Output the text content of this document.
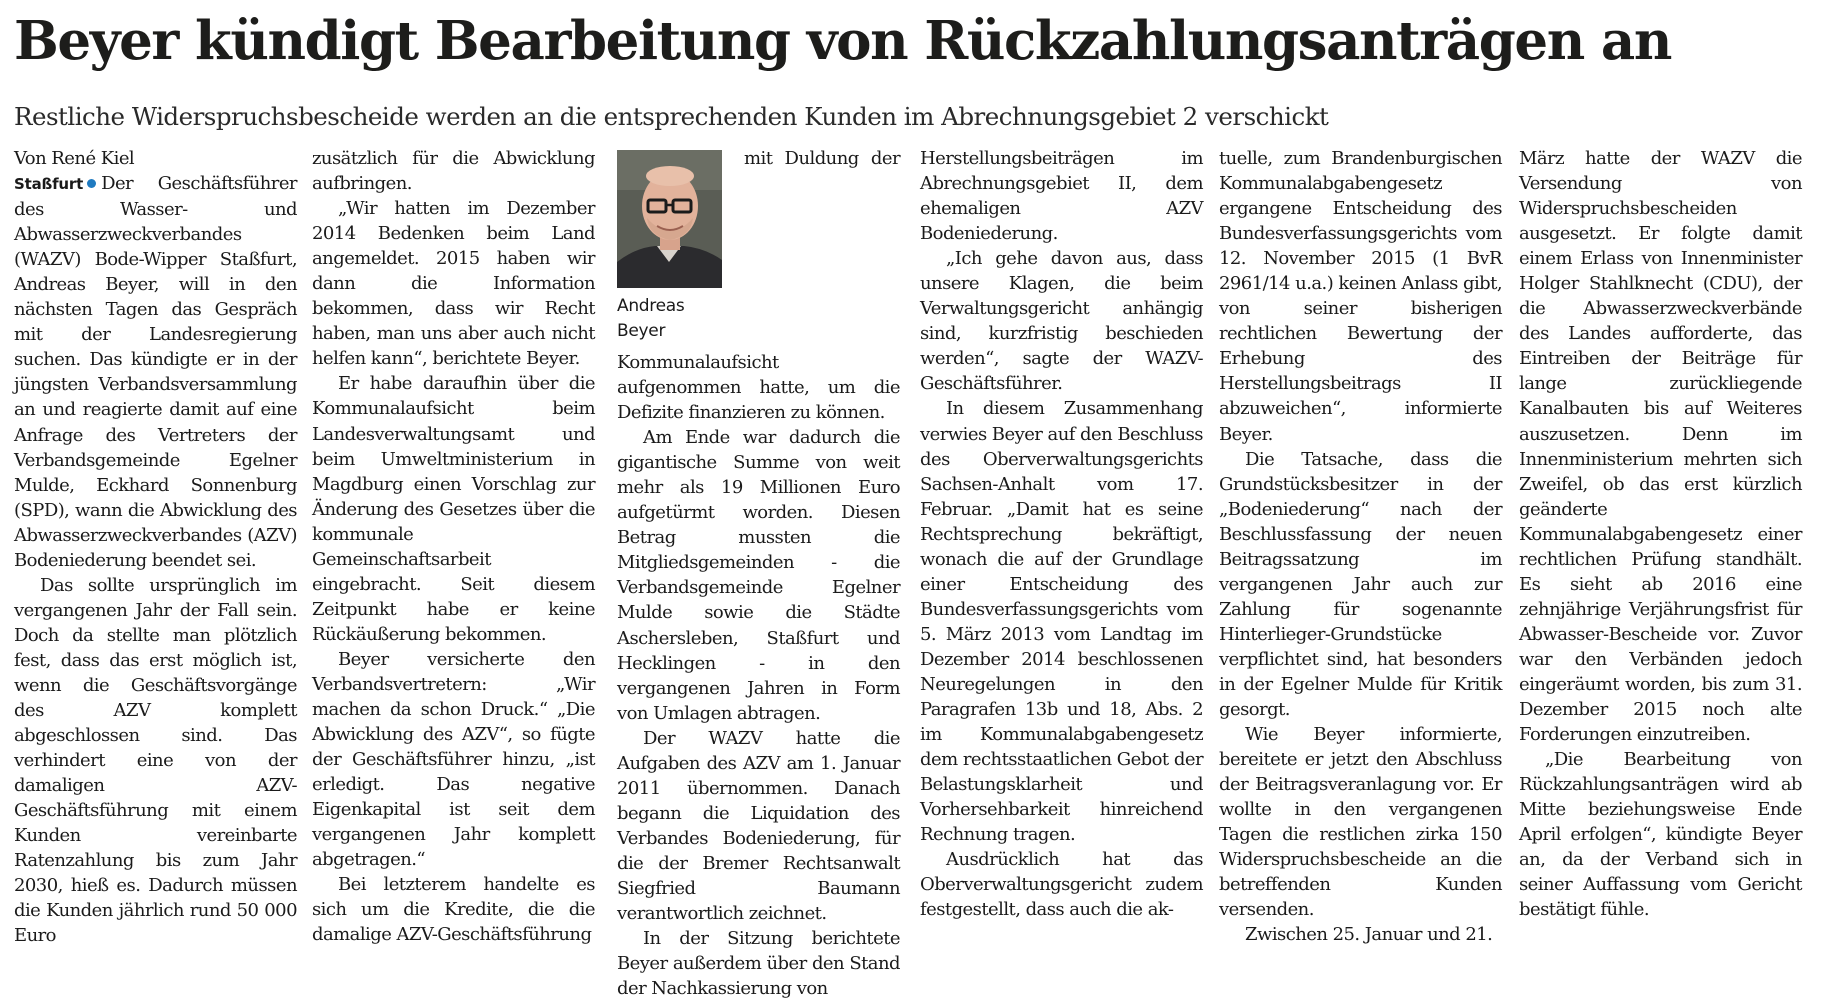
Beyer kündigt Bearbeitung von Rückzahlungsanträgen an
Restliche Widerspruchsbescheide werden an die entsprechenden Kunden im Abrechnungsgebiet 2 verschickt

Von René Kiel

Staßfurt Der Geschäftsführer des Wasser- und Abwasserzweckverbandes (WAZV) Bode-Wipper Staßfurt, Andreas Beyer, will in den nächsten Tagen das Gespräch mit der Landesregierung suchen. Das kündigte er in der jüngsten Verbandsversammlung an und reagierte damit auf eine Anfrage des Vertreters der Verbandsgemeinde Egelner Mulde, Eckhard Sonnenburg (SPD), wann die Abwicklung des Abwasserzweckverbandes (AZV) Bodeniederung beendet sei.

Das sollte ursprünglich im vergangenen Jahr der Fall sein. Doch da stellte man plötzlich fest, dass das erst möglich ist, wenn die Geschäftsvorgänge des AZV komplett abgeschlossen sind. Das verhindert eine von der damaligen AZV-Geschäftsführung mit einem Kunden vereinbarte Ratenzahlung bis zum Jahr 2030, hieß es. Dadurch müssen die Kunden jährlich rund 50 000 Euro

zusätzlich für die Abwicklung aufbringen.

„Wir hatten im Dezember 2014 Bedenken beim Land angemeldet. 2015 haben wir dann die Information bekommen, dass wir Recht haben, man uns aber auch nicht helfen kann“, berichtete Beyer.

Er habe daraufhin über die Kommunalaufsicht beim Landesverwaltungsamt und beim Umweltministerium in Magdburg einen Vorschlag zur Änderung des Gesetzes über die kommunale Gemeinschaftsarbeit eingebracht. Seit diesem Zeitpunkt habe er keine Rückäußerung bekommen.

Beyer versicherte den Verbandsvertretern: „Wir machen da schon Druck.“ „Die Abwicklung des AZV“, so fügte der Geschäftsführer hinzu, „ist erledigt. Das negative Eigenkapital ist seit dem vergangenen Jahr komplett abgetragen.“

Bei letzterem handelte es sich um die Kredite, die die damalige AZV-Geschäftsführung

Andreas
Beyer

mit Duldung der Kommunalaufsicht aufgenommen hatte, um die Defizite finanzieren zu können.

Am Ende war dadurch die gigantische Summe von weit mehr als 19 Millionen Euro aufgetürmt worden. Diesen Betrag mussten die Mitgliedsgemeinden - die Verbandsgemeinde Egelner Mulde sowie die Städte Aschersleben, Staßfurt und Hecklingen - in den vergangenen Jahren in Form von Umlagen abtragen.

Der WAZV hatte die Aufgaben des AZV am 1. Januar 2011 übernommen. Danach begann die Liquidation des Verbandes Bodeniederung, für die der Bremer Rechtsanwalt Siegfried Baumann verantwortlich zeichnet.

In der Sitzung berichtete Beyer außerdem über den Stand der Nachkassierung von

Herstellungsbeiträgen im Abrechnungsgebiet II, dem ehemaligen AZV Bodeniederung.

„Ich gehe davon aus, dass unsere Klagen, die beim Verwaltungsgericht anhängig sind, kurzfristig beschieden werden“, sagte der WAZV-Geschäftsführer.

In diesem Zusammenhang verwies Beyer auf den Beschluss des Oberverwaltungsgerichts Sachsen-Anhalt vom 17. Februar. „Damit hat es seine Rechtsprechung bekräftigt, wonach die auf der Grundlage einer Entscheidung des Bundesverfassungsgerichts vom 5. März 2013 vom Landtag im Dezember 2014 beschlossenen Neuregelungen in den Paragrafen 13b und 18, Abs. 2 im Kommunalabgabengesetz dem rechtsstaatlichen Gebot der Belastungsklarheit und Vorhersehbarkeit hinreichend Rechnung tragen.

Ausdrücklich hat das Oberverwaltungsgericht zudem festgestellt, dass auch die ak-

tuelle, zum Brandenburgischen Kommunalabgabengesetz ergangene Entscheidung des Bundesverfassungsgerichts vom 12. November 2015 (1 BvR 2961/14 u.a.) keinen Anlass gibt, von seiner bisherigen rechtlichen Bewertung der Erhebung des Herstellungsbeitrags II abzuweichen“, informierte Beyer.

Die Tatsache, dass die Grundstücksbesitzer in der „Bodeniederung“ nach der Beschlussfassung der neuen Beitragssatzung im vergangenen Jahr auch zur Zahlung für sogenannte Hinterlieger-Grundstücke verpflichtet sind, hat besonders in der Egelner Mulde für Kritik gesorgt.

Wie Beyer informierte, bereitete er jetzt den Abschluss der Beitragsveranlagung vor. Er wollte in den vergangenen Tagen die restlichen zirka 150 Widerspruchsbescheide an die betreffenden Kunden versenden.

Zwischen 25. Januar und 21.

März hatte der WAZV die Versendung von Widerspruchsbescheiden ausgesetzt. Er folgte damit einem Erlass von Innenminister Holger Stahlknecht (CDU), der die Abwasserzweckverbände des Landes aufforderte, das Eintreiben der Beiträge für lange zurückliegende Kanalbauten bis auf Weiteres auszusetzen. Denn im Innenministerium mehrten sich Zweifel, ob das erst kürzlich geänderte Kommunalabgabengesetz einer rechtlichen Prüfung standhält. Es sieht ab 2016 eine zehnjährige Verjährungsfrist für Abwasser-Bescheide vor. Zuvor war den Verbänden jedoch eingeräumt worden, bis zum 31. Dezember 2015 noch alte Forderungen einzutreiben.

„Die Bearbeitung von Rückzahlungsanträgen wird ab Mitte beziehungsweise Ende April erfolgen“, kündigte Beyer an, da der Verband sich in seiner Auffassung vom Gericht bestätigt fühle.
